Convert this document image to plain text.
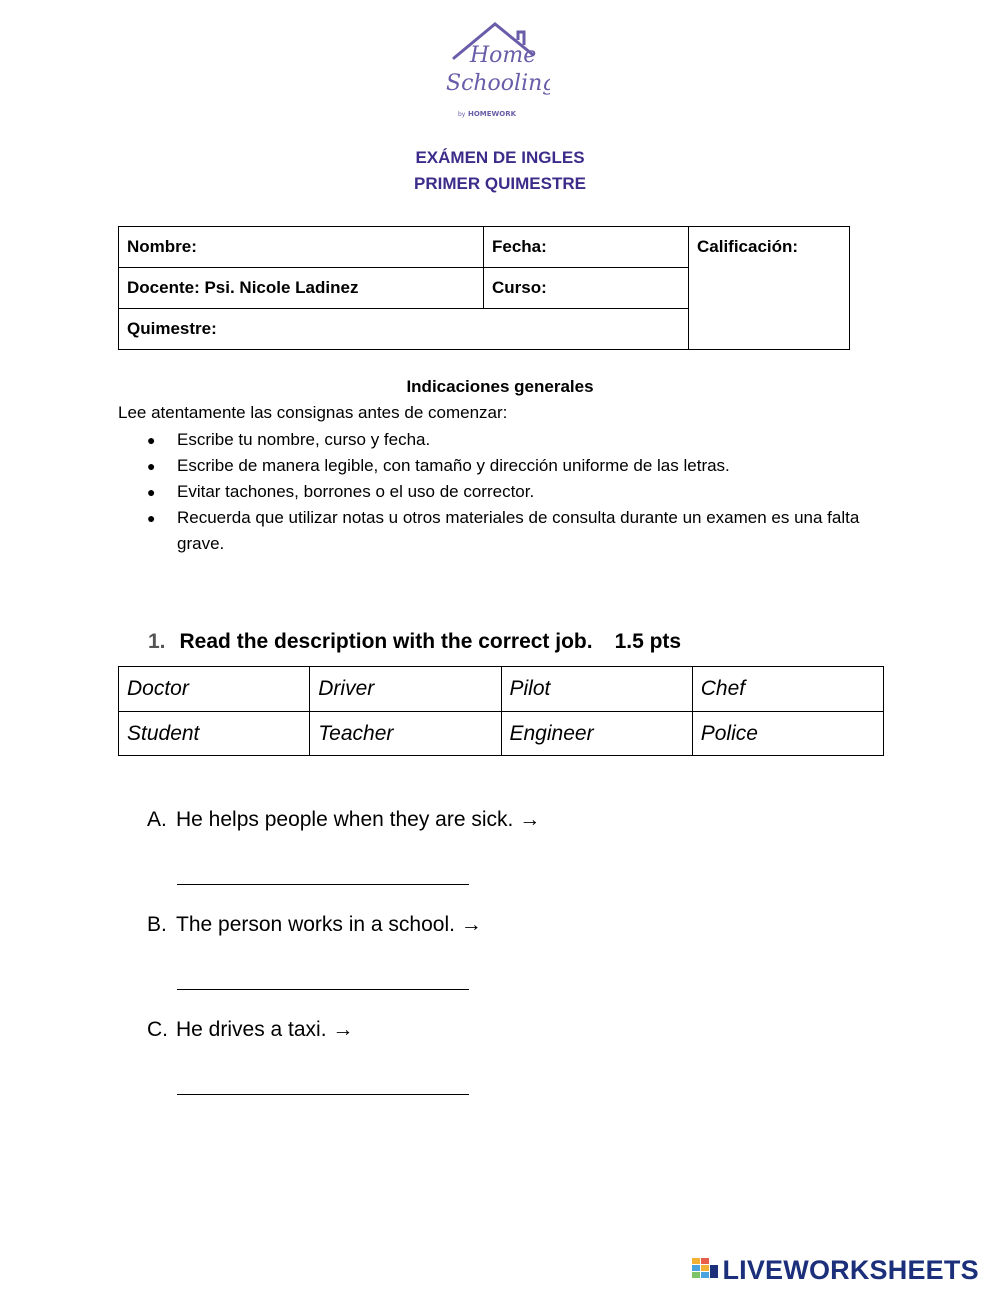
Home
Schooling
by HOMEWORK
EXÁMEN DE INGLES
PRIMER QUIMESTRE
Nombre:	Fecha:	Calificación:
Docente: Psi. Nicole Ladinez	Curso:	
Quimestre:		
Indicaciones generales
Lee atentamente las consignas antes de comenzar:
● Escribe tu nombre, curso y fecha.
● Escribe de manera legible, con tamaño y dirección uniforme de las letras.
● Evitar tachones, borrones o el uso de corrector.
● Recuerda que utilizar notas u otros materiales de consulta durante un examen es una falta grave.
1. Read the description with the correct job. 1.5 pts
Doctor	Driver	Pilot	Chef
Student	Teacher	Engineer	Police
A. He helps people when they are sick. →
B. The person works in a school. →
C. He drives a taxi. →
LIVEWORKSHEETS
